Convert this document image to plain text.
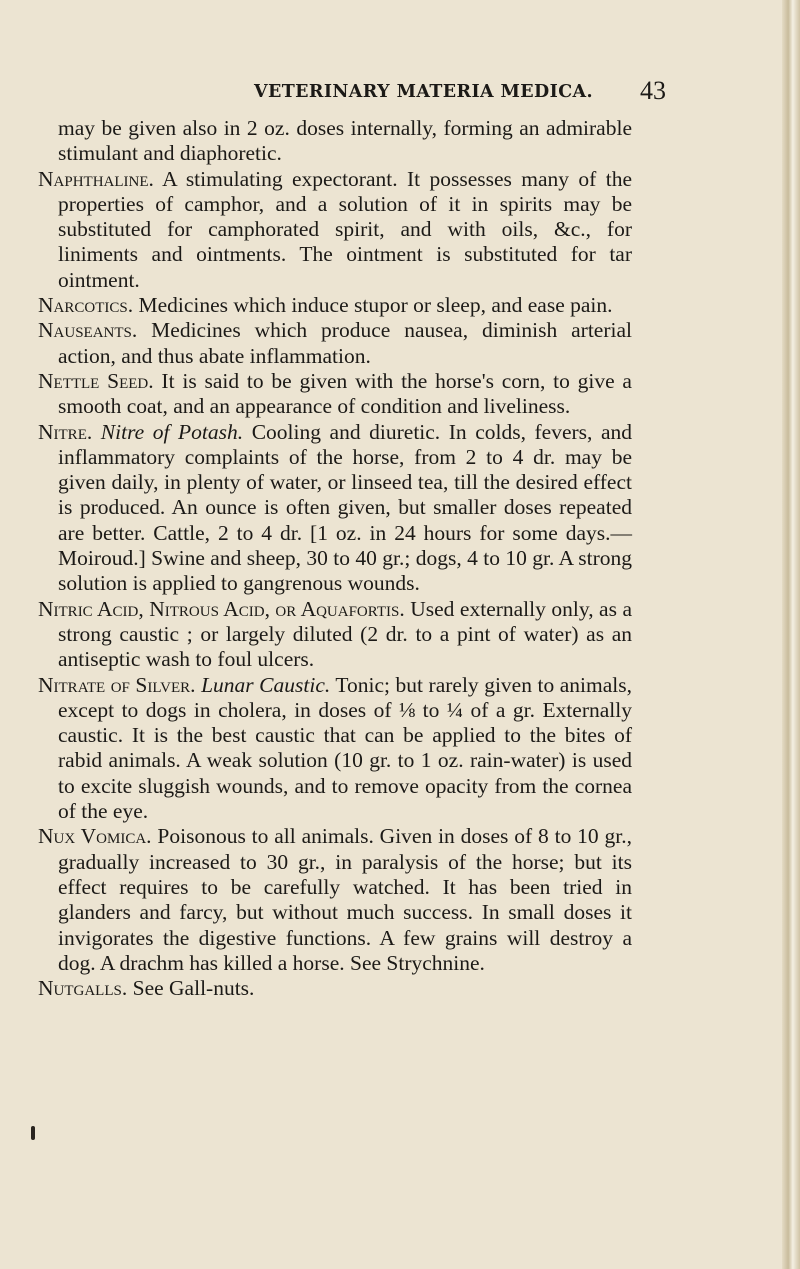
VETERINARY MATERIA MEDICA. 43

may be given also in 2 oz. doses internally, forming an admirable stimulant and diaphoretic.

Naphthaline. A stimulating expectorant. It possesses many of the properties of camphor, and a solution of it in spirits may be substituted for camphorated spirit, and with oils, &c., for liniments and ointments. The ointment is substituted for tar ointment.

Narcotics. Medicines which induce stupor or sleep, and ease pain.

Nauseants. Medicines which produce nausea, diminish arterial action, and thus abate inflammation.

Nettle Seed. It is said to be given with the horse's corn, to give a smooth coat, and an appearance of condition and liveliness.

Nitre. Nitre of Potash. Cooling and diuretic. In colds, fevers, and inflammatory complaints of the horse, from 2 to 4 dr. may be given daily, in plenty of water, or linseed tea, till the desired effect is produced. An ounce is often given, but smaller doses repeated are better. Cattle, 2 to 4 dr. [1 oz. in 24 hours for some days.—Moiroud.] Swine and sheep, 30 to 40 gr.; dogs, 4 to 10 gr. A strong solution is applied to gangrenous wounds.

Nitric Acid, Nitrous Acid, or Aquafortis. Used externally only, as a strong caustic ; or largely diluted (2 dr. to a pint of water) as an antiseptic wash to foul ulcers.

Nitrate of Silver. Lunar Caustic. Tonic; but rarely given to animals, except to dogs in cholera, in doses of ⅛ to ¼ of a gr. Externally caustic. It is the best caustic that can be applied to the bites of rabid animals. A weak solution (10 gr. to 1 oz. rain-water) is used to excite sluggish wounds, and to remove opacity from the cornea of the eye.

Nux Vomica. Poisonous to all animals. Given in doses of 8 to 10 gr., gradually increased to 30 gr., in paralysis of the horse; but its effect requires to be carefully watched. It has been tried in glanders and farcy, but without much success. In small doses it invigorates the digestive functions. A few grains will destroy a dog. A drachm has killed a horse. See Strychnine.

Nutgalls. See Gall-nuts.
